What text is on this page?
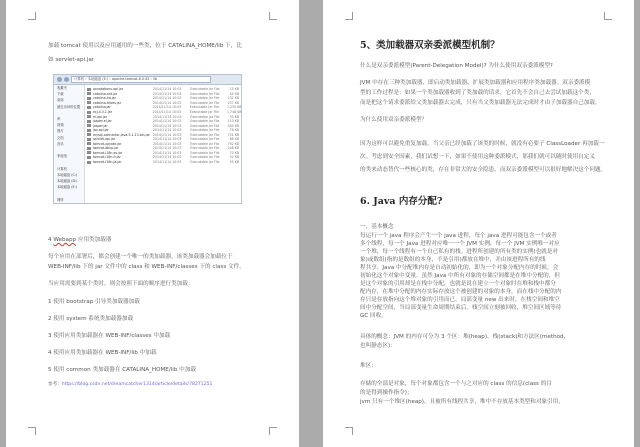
加载 tomcat 使用以及应用通用的一些类，位于 CATALINA_HOME/lib 下，比
如 servlet-api.jar
计算机 › 本地磁盘 (E:) › apache-tomcat-6.0.43 › lib
收藏夹
下载
桌面
最近访问的位置

库
视频
图片
文档
音乐

家庭组

计算机
本地磁盘 (C:)
本地磁盘 (D:)
本地磁盘 (E:)

网络
annotations-api.jar	2014/11/14 10:03	Executable Jar File	15 KB
catalina-ant.jar	2014/11/14 10:03	Executable Jar File	54 KB
catalina-ha.jar	2014/11/14 10:03	Executable Jar File	132 KB
catalina-tribes.jar	2014/11/14 10:03	Executable Jar File	237 KB
catalina.jar	2014/11/14 10:03	Executable Jar File	1,235 KB
ecj-4.3.1.jar	2014/11/14 10:03	Executable Jar File	1,748 KB
el-api.jar	2014/11/14 10:03	Executable Jar File	33 KB
jasper-el.jar	2014/11/14 10:03	Executable Jar File	110 KB
jasper.jar	2014/11/14 10:03	Executable Jar File	594 KB
jsp-api.jar	2014/11/14 10:03	Executable Jar File	76 KB
mysql-connector-java-5.1.13-bin.jar 2014/11/14 10:03	Executable Jar File	751 KB
servlet-api.jar	2014/11/14 10:03	Executable Jar File	88 KB
tomcat-coyote.jar	2014/11/14 10:03	Executable Jar File	792 KB
tomcat-dbcp.jar	2014/11/14 10:03	Executable Jar File	248 KB
tomcat-i18n-es.jar	2014/11/14 10:03	Executable Jar File	70 KB
tomcat-i18n-fr.jar	2014/11/14 10:03	Executable Jar File	52 KB
tomcat-i18n-ja.jar	2014/11/14 10:03	Executable Jar File	55 KB
4 Webapp 应用类加载器
每个应用在部署后，都会创建一个唯一的类加载器。该类加载器会加载位于
WEB-INF/lib 下的 jar 文件中的 class 和 WEB-INF/classes 下的 class 文件。
当应用需要到某个类时，则会按照下面的顺序进行类加载：
1 使用 bootstrap 引导类加载器加载
2 使用 system 系统类加载器加载
3 使用应用类加载器在 WEB-INF/classes 中加载
4 使用应用类加载器在 WEB-INF/lib 中加载
5 使用 common 类加载器在 CATALINA_HOME/lib 中加载
参考：https://blog.csdn.net/dreamcatcher1314/article/details/78271251
5、类加载器双亲委派模型机制？
什么是双亲委派模型(Parent-Delegation Model)? 为什么使用双亲委派模型?
JVM 中存在三种类加载器，即启动类加载器、扩展类加载器和应用程序类加载器。双亲委派模
型的工作过程是：如果一个类加载器收到了类加载的请求，它首先不会自己去尝试加载这个类，
而是把这个请求委派给父类加载器去完成，只有当父类加载器无法完成时才由子加载器自己加载。
为什么使用双亲委派模型？
因为这样可以避免重复加载，当父亲已经加载了该类的时候，就没有必要子 ClassLoader 再加载一
次。考虑到安全因素，我们试想一下，如果不使用这种委派模式，那我们就可以随时使用自定义
的类来动态替代一些核心的类，存在非常大的安全隐患，而双亲委派模型可以很好地解决这个问题。
6. Java 内存分配?
一、基本概念
每运行一个 java 程序会产生一个 java 进程，每个 java 进程可能包含一个或者
多个线程，每一个 Java 进程对应唯一一个 JVM 实例，每一个 JVM 实例唯一对应
一个堆，每一个线程有一个自己私有的栈。进程所创建的所有类的实例(也就是对
象)或数组(指的是数组的本身，不是引用)都放在堆中，并由该进程所有的线
程共享。Java 中分配堆内存是自动初始化的，即为一个对象分配内存的时候，会
初始化这个对象中变量。虽然 Java 中所有对象的存储空间都是在堆中分配的，但
是这个对象的引用却是在栈中分配，也就是说在建立一个对象时在堆和栈中都分
配内存，在堆中分配的内存实际存放这个被创建的对象的本身，而在栈中分配的内
存只是存放指向这个堆对象的引用而已。局部变量 new 出来时，在栈空间和堆空
间中分配空间，当局部变量生命周期结束后，栈空间立刻被回收，堆空间区域等待
GC 回收。
具体的概念：JVM 的内存可分为 3 个区：堆(heap)、栈(stack)和方法区(method，
也叫静态区)：
堆区：
存储的全部是对象，每个对象都包含一个与之对应的 class 的信息(class 的目
的是得到操作指令)；
jvm 只有一个堆区(heap)，且被所有线程共享，堆中不存放基本类型和对象引用，
